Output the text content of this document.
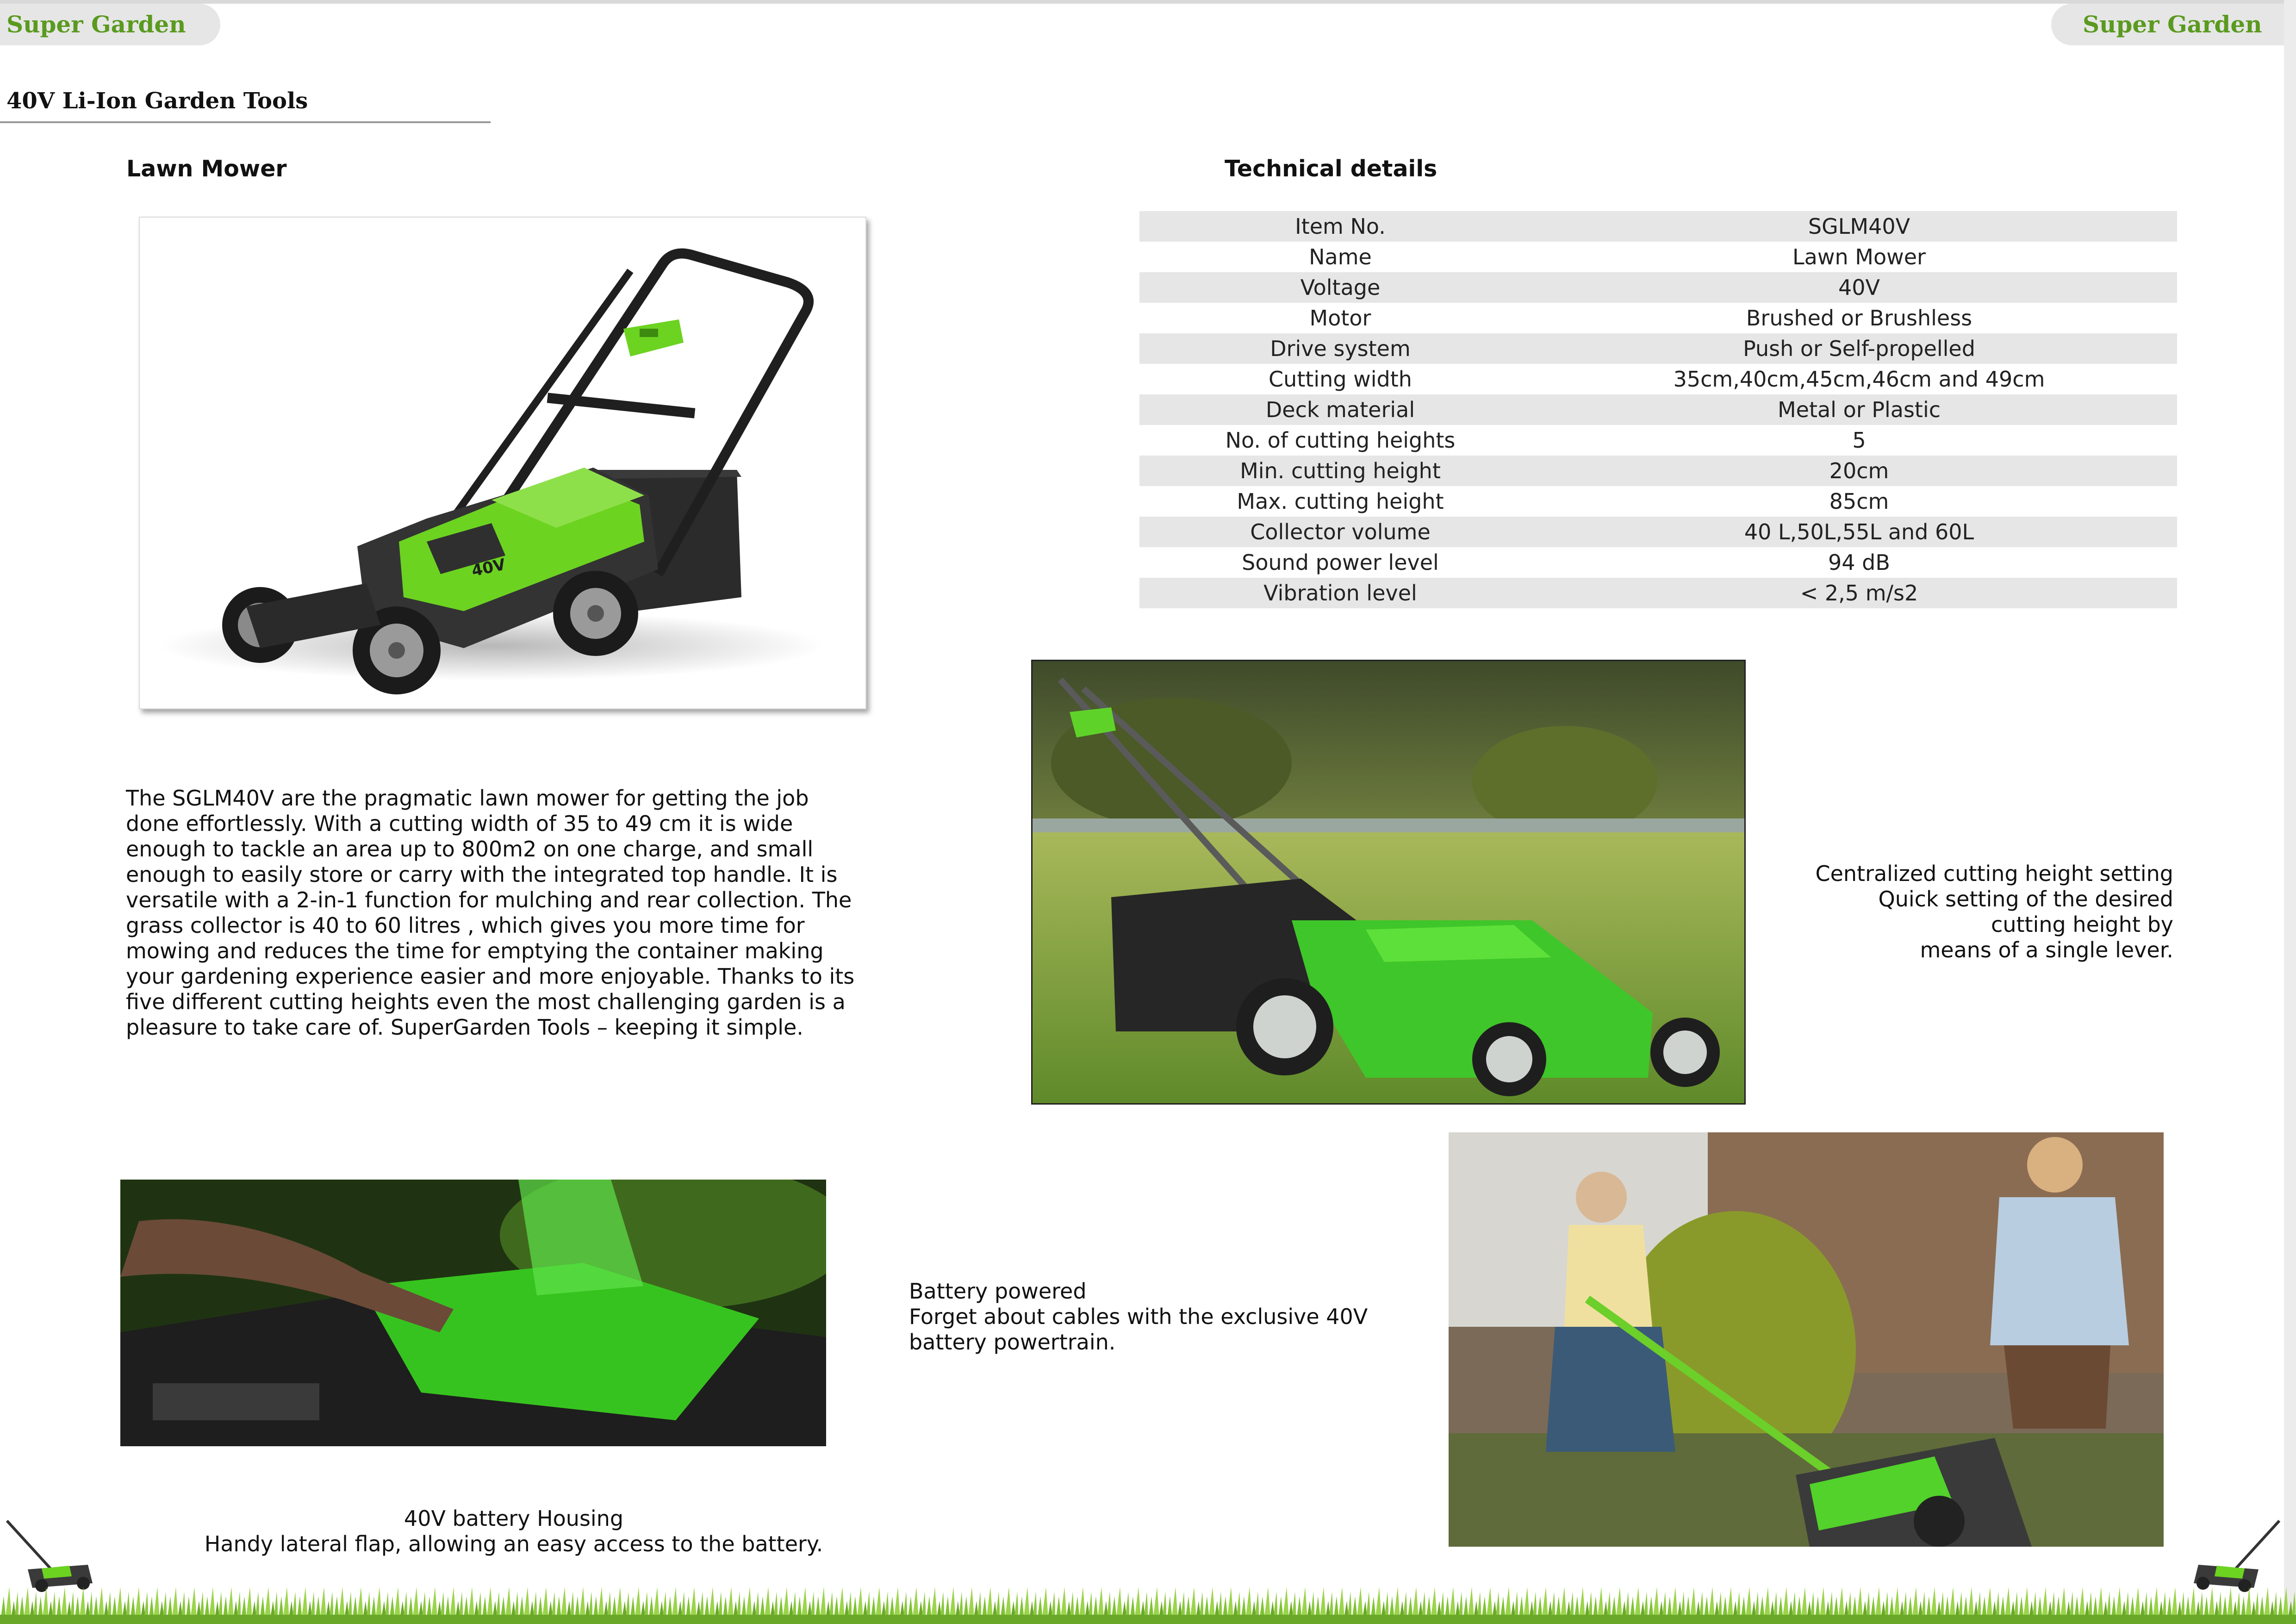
Super Garden	Super Garden
40V Li-Ion Garden Tools
Lawn Mower
40V
Technical details
Item No.	SGLM40V
Name	Lawn Mower
Voltage	40V
Motor	Brushed or Brushless
Drive system	Push or Self-propelled
Cutting width	35cm,40cm,45cm,46cm and 49cm
Deck material	Metal or Plastic
No. of cutting heights	5
Min. cutting height	20cm
Max. cutting height	85cm
Collector volume	40 L,50L,55L and 60L
Sound power level	94 dB
Vibration level	< 2,5 m/s2
The SGLM40V are the pragmatic lawn mower for getting the job
done effortlessly. With a cutting width of 35 to 49 cm it is wide
enough to tackle an area up to 800m2 on one charge, and small
enough to easily store or carry with the integrated top handle. It is
versatile with a 2-in-1 function for mulching and rear collection. The
grass collector is 40 to 60 litres , which gives you more time for
mowing and reduces the time for emptying the container making
your gardening experience easier and more enjoyable. Thanks to its
five different cutting heights even the most challenging garden is a
pleasure to take care of. SuperGarden Tools – keeping it simple.
Centralized cutting height setting
Quick setting of the desired
cutting height by
means of a single lever.
Battery powered
Forget about cables with the exclusive 40V
battery powertrain.
40V battery Housing
Handy lateral flap, allowing an easy access to the battery.
